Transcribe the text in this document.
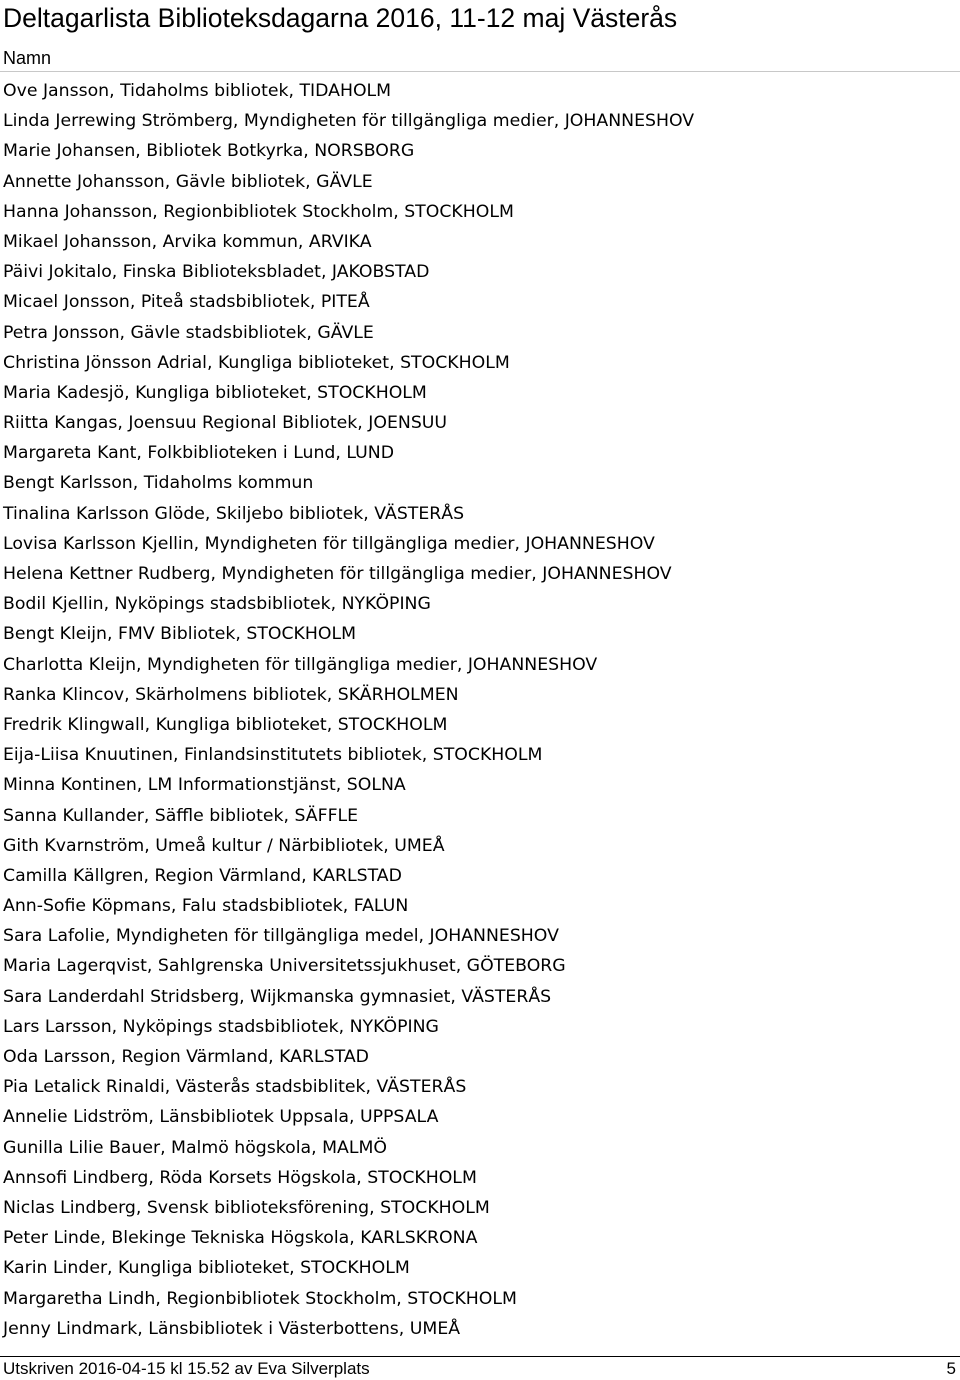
Deltagarlista Biblioteksdagarna 2016, 11-12 maj Västerås
Namn
Ove Jansson, Tidaholms bibliotek, TIDAHOLM
Linda Jerrewing Strömberg, Myndigheten för tillgängliga medier, JOHANNESHOV
Marie Johansen, Bibliotek Botkyrka, NORSBORG
Annette Johansson, Gävle bibliotek, GÄVLE
Hanna Johansson, Regionbibliotek Stockholm, STOCKHOLM
Mikael Johansson, Arvika kommun, ARVIKA
Päivi Jokitalo, Finska Biblioteksbladet, JAKOBSTAD
Micael Jonsson, Piteå stadsbibliotek, PITEÅ
Petra Jonsson, Gävle stadsbibliotek, GÄVLE
Christina Jönsson Adrial, Kungliga biblioteket, STOCKHOLM
Maria Kadesjö, Kungliga biblioteket, STOCKHOLM
Riitta Kangas, Joensuu Regional Bibliotek, JOENSUU
Margareta Kant, Folkbiblioteken i Lund, LUND
Bengt Karlsson, Tidaholms kommun
Tinalina Karlsson Glöde, Skiljebo bibliotek, VÄSTERÅS
Lovisa Karlsson Kjellin, Myndigheten för tillgängliga medier, JOHANNESHOV
Helena Kettner Rudberg, Myndigheten för tillgängliga medier, JOHANNESHOV
Bodil Kjellin, Nyköpings stadsbibliotek, NYKÖPING
Bengt Kleijn, FMV Bibliotek, STOCKHOLM
Charlotta Kleijn, Myndigheten för tillgängliga medier, JOHANNESHOV
Ranka Klincov, Skärholmens bibliotek, SKÄRHOLMEN
Fredrik Klingwall, Kungliga biblioteket, STOCKHOLM
Eija-Liisa Knuutinen, Finlandsinstitutets bibliotek, STOCKHOLM
Minna Kontinen, LM Informationstjänst, SOLNA
Sanna Kullander, Säffle bibliotek, SÄFFLE
Gith Kvarnström, Umeå kultur / Närbibliotek, UMEÅ
Camilla Källgren, Region Värmland, KARLSTAD
Ann-Sofie Köpmans, Falu stadsbibliotek, FALUN
Sara Lafolie, Myndigheten för tillgängliga medel, JOHANNESHOV
Maria Lagerqvist, Sahlgrenska Universitetssjukhuset, GÖTEBORG
Sara Landerdahl Stridsberg, Wijkmanska gymnasiet, VÄSTERÅS
Lars Larsson, Nyköpings stadsbibliotek, NYKÖPING
Oda Larsson, Region Värmland, KARLSTAD
Pia Letalick Rinaldi, Västerås stadsbiblitek, VÄSTERÅS
Annelie Lidström, Länsbibliotek Uppsala, UPPSALA
Gunilla Lilie Bauer, Malmö högskola, MALMÖ
Annsofi Lindberg, Röda Korsets Högskola, STOCKHOLM
Niclas Lindberg, Svensk biblioteksförening, STOCKHOLM
Peter Linde, Blekinge Tekniska Högskola, KARLSKRONA
Karin Linder, Kungliga biblioteket, STOCKHOLM
Margaretha Lindh, Regionbibliotek Stockholm, STOCKHOLM
Jenny Lindmark, Länsbibliotek i Västerbottens, UMEÅ
Utskriven 2016-04-15 kl 15.52 av Eva Silverplats	5
